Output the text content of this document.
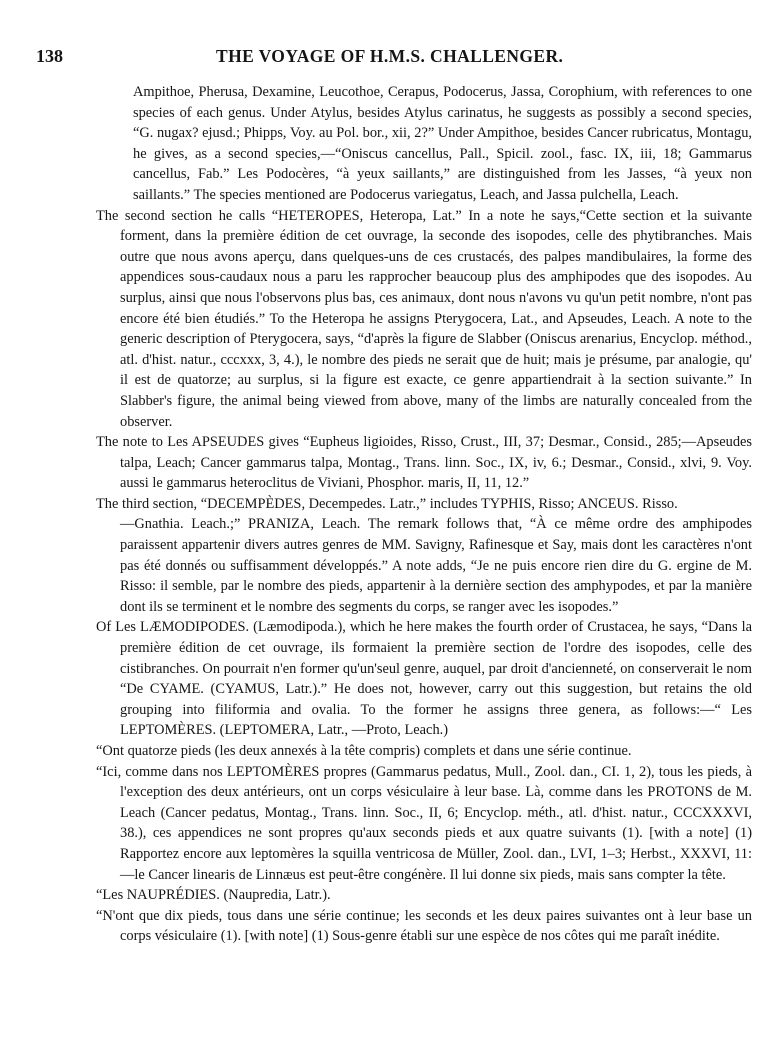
138	THE VOYAGE OF H.M.S. CHALLENGER.

Ampithoe, Pherusa, Dexamine, Leucothoe, Cerapus, Podocerus, Jassa, Corophium, with references to one species of each genus. Under Atylus, besides Atylus carinatus, he suggests as possibly a second species, “G. nugax? ejusd.; Phipps, Voy. au Pol. bor., xii, 2?” Under Ampithoe, besides Cancer rubricatus, Montagu, he gives, as a second species,—“Oniscus cancellus, Pall., Spicil. zool., fasc. IX, iii, 18; Gammarus cancellus, Fab.” Les Podocères, “à yeux saillants,” are distinguished from les Jasses, “à yeux non saillants.” The species mentioned are Podocerus variegatus, Leach, and Jassa pulchella, Leach.

The second section he calls “HETEROPES, Heteropa, Lat.” In a note he says,“Cette section et la suivante forment, dans la première édition de cet ouvrage, la seconde des isopodes, celle des phytibranches. Mais outre que nous avons aperçu, dans quelques-uns de ces crustacés, des palpes mandibulaires, la forme des appendices sous-caudaux nous a paru les rapprocher beaucoup plus des amphipodes que des isopodes. Au surplus, ainsi que nous l'observons plus bas, ces animaux, dont nous n'avons vu qu'un petit nombre, n'ont pas encore été bien étudiés.” To the Heteropa he assigns Pterygocera, Lat., and Apseudes, Leach. A note to the generic description of Pterygocera, says, “d'après la figure de Slabber (Oniscus arenarius, Encyclop. méthod., atl. d'hist. natur., cccxxx, 3, 4.), le nombre des pieds ne serait que de huit; mais je présume, par analogie, qu' il est de quatorze; au surplus, si la figure est exacte, ce genre appartiendrait à la section suivante.” In Slabber's figure, the animal being viewed from above, many of the limbs are naturally concealed from the observer.

The note to Les APSEUDES gives “Eupheus ligioides, Risso, Crust., III, 37; Desmar., Consid., 285;—Apseudes talpa, Leach; Cancer gammarus talpa, Montag., Trans. linn. Soc., IX, iv, 6.; Desmar., Consid., xlvi, 9. Voy. aussi le gammarus heteroclitus de Viviani, Phosphor. maris, II, 11, 12.”

The third section, “DECEMPÈDES, Decempedes. Latr.,” includes TYPHIS, Risso; ANCEUS. Risso.

—Gnathia. Leach.;” PRANIZA, Leach. The remark follows that, “À ce même ordre des amphipodes paraissent appartenir divers autres genres de MM. Savigny, Rafinesque et Say, mais dont les caractères n'ont pas été donnés ou suffisamment développés.” A note adds, “Je ne puis encore rien dire du G. ergine de M. Risso: il semble, par le nombre des pieds, appartenir à la dernière section des amphypodes, et par la manière dont ils se terminent et le nombre des segments du corps, se ranger avec les isopodes.”

Of Les LÆMODIPODES. (Læmodipoda.), which he here makes the fourth order of Crustacea, he says, “Dans la première édition de cet ouvrage, ils formaient la première section de l'ordre des isopodes, celle des cistibranches. On pourrait n'en former qu'un'seul genre, auquel, par droit d'ancienneté, on conserverait le nom “De CYAME. (CYAMUS, Latr.).” He does not, however, carry out this suggestion, but retains the old grouping into filiformia and ovalia. To the former he assigns three genera, as follows:—“ Les LEPTOMÈRES. (LEPTOMERA, Latr., —Proto, Leach.)

“Ont quatorze pieds (les deux annexés à la tête compris) complets et dans une série continue.

“Ici, comme dans nos LEPTOMÈRES propres (Gammarus pedatus, Mull., Zool. dan., CI. 1, 2), tous les pieds, à l'exception des deux antérieurs, ont un corps vésiculaire à leur base. Là, comme dans les PROTONS de M. Leach (Cancer pedatus, Montag., Trans. linn. Soc., II, 6; Encyclop. méth., atl. d'hist. natur., CCCXXXVI, 38.), ces appendices ne sont propres qu'aux seconds pieds et aux quatre suivants (1). [with a note] (1) Rapportez encore aux leptomères la squilla ventricosa de Müller, Zool. dan., LVI, 1–3; Herbst., XXXVI, 11:—le Cancer linearis de Linnæus est peut-être congénère. Il lui donne six pieds, mais sans compter la tête.

“Les NAUPRÉDIES. (Naupredia, Latr.).

“N'ont que dix pieds, tous dans une série continue; les seconds et les deux paires suivantes ont à leur base un corps vésiculaire (1). [with note] (1) Sous-genre établi sur une espèce de nos côtes qui me paraît inédite.
